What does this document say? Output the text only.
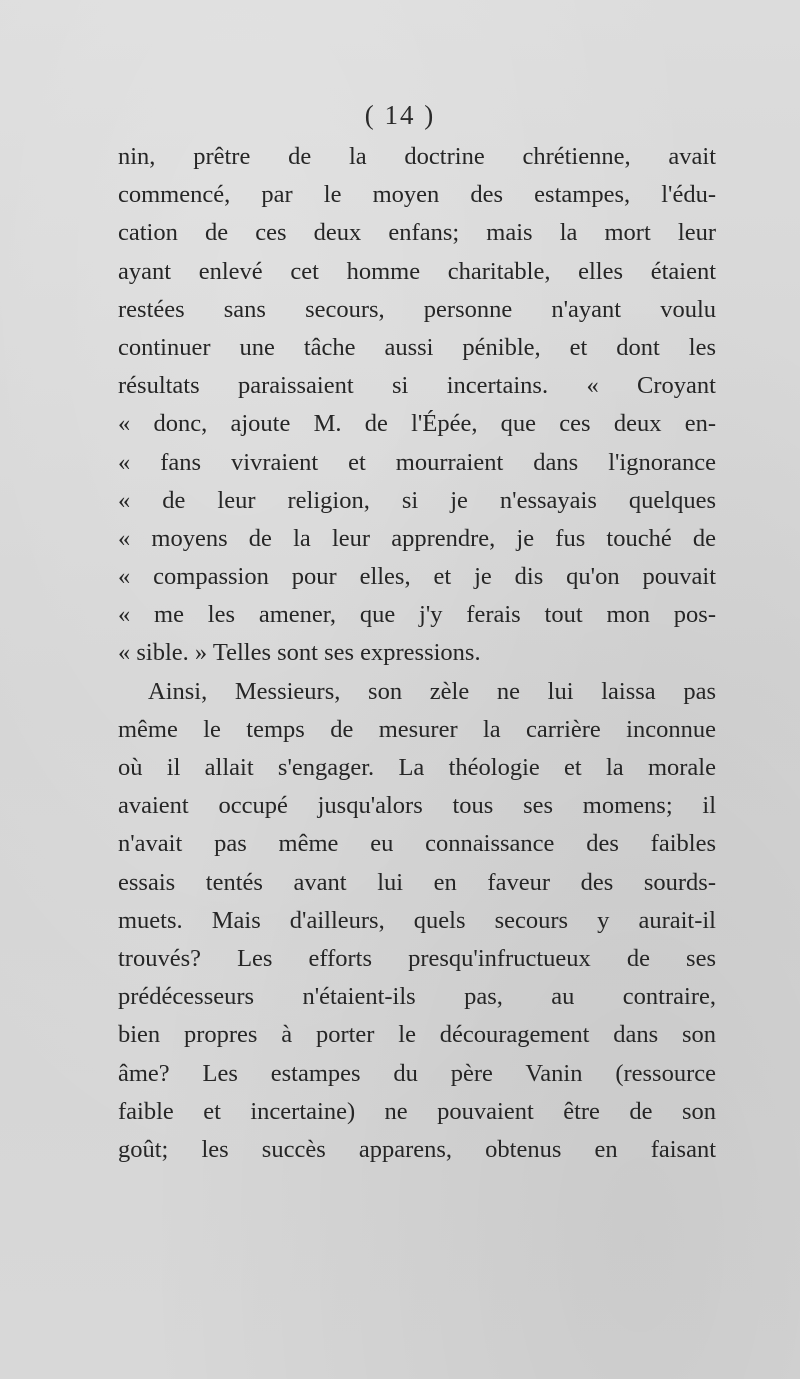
( 14 )
nin, prêtre de la doctrine chrétienne, avait
commencé, par le moyen des estampes, l'édu-
cation de ces deux enfans; mais la mort leur
ayant enlevé cet homme charitable, elles étaient
restées sans secours, personne n'ayant voulu
continuer une tâche aussi pénible, et dont les
résultats paraissaient si incertains. « Croyant
« donc, ajoute M. de l'Épée, que ces deux en-
« fans vivraient et mourraient dans l'ignorance
« de leur religion, si je n'essayais quelques
« moyens de la leur apprendre, je fus touché de
« compassion pour elles, et je dis qu'on pouvait
« me les amener, que j'y ferais tout mon pos-
« sible. » Telles sont ses expressions.
Ainsi, Messieurs, son zèle ne lui laissa pas
même le temps de mesurer la carrière inconnue
où il allait s'engager. La théologie et la morale
avaient occupé jusqu'alors tous ses momens; il
n'avait pas même eu connaissance des faibles
essais tentés avant lui en faveur des sourds-
muets. Mais d'ailleurs, quels secours y aurait-il
trouvés? Les efforts presqu'infructueux de ses
prédécesseurs n'étaient-ils pas, au contraire,
bien propres à porter le découragement dans son
âme? Les estampes du père Vanin (ressource
faible et incertaine) ne pouvaient être de son
goût; les succès apparens, obtenus en faisant
